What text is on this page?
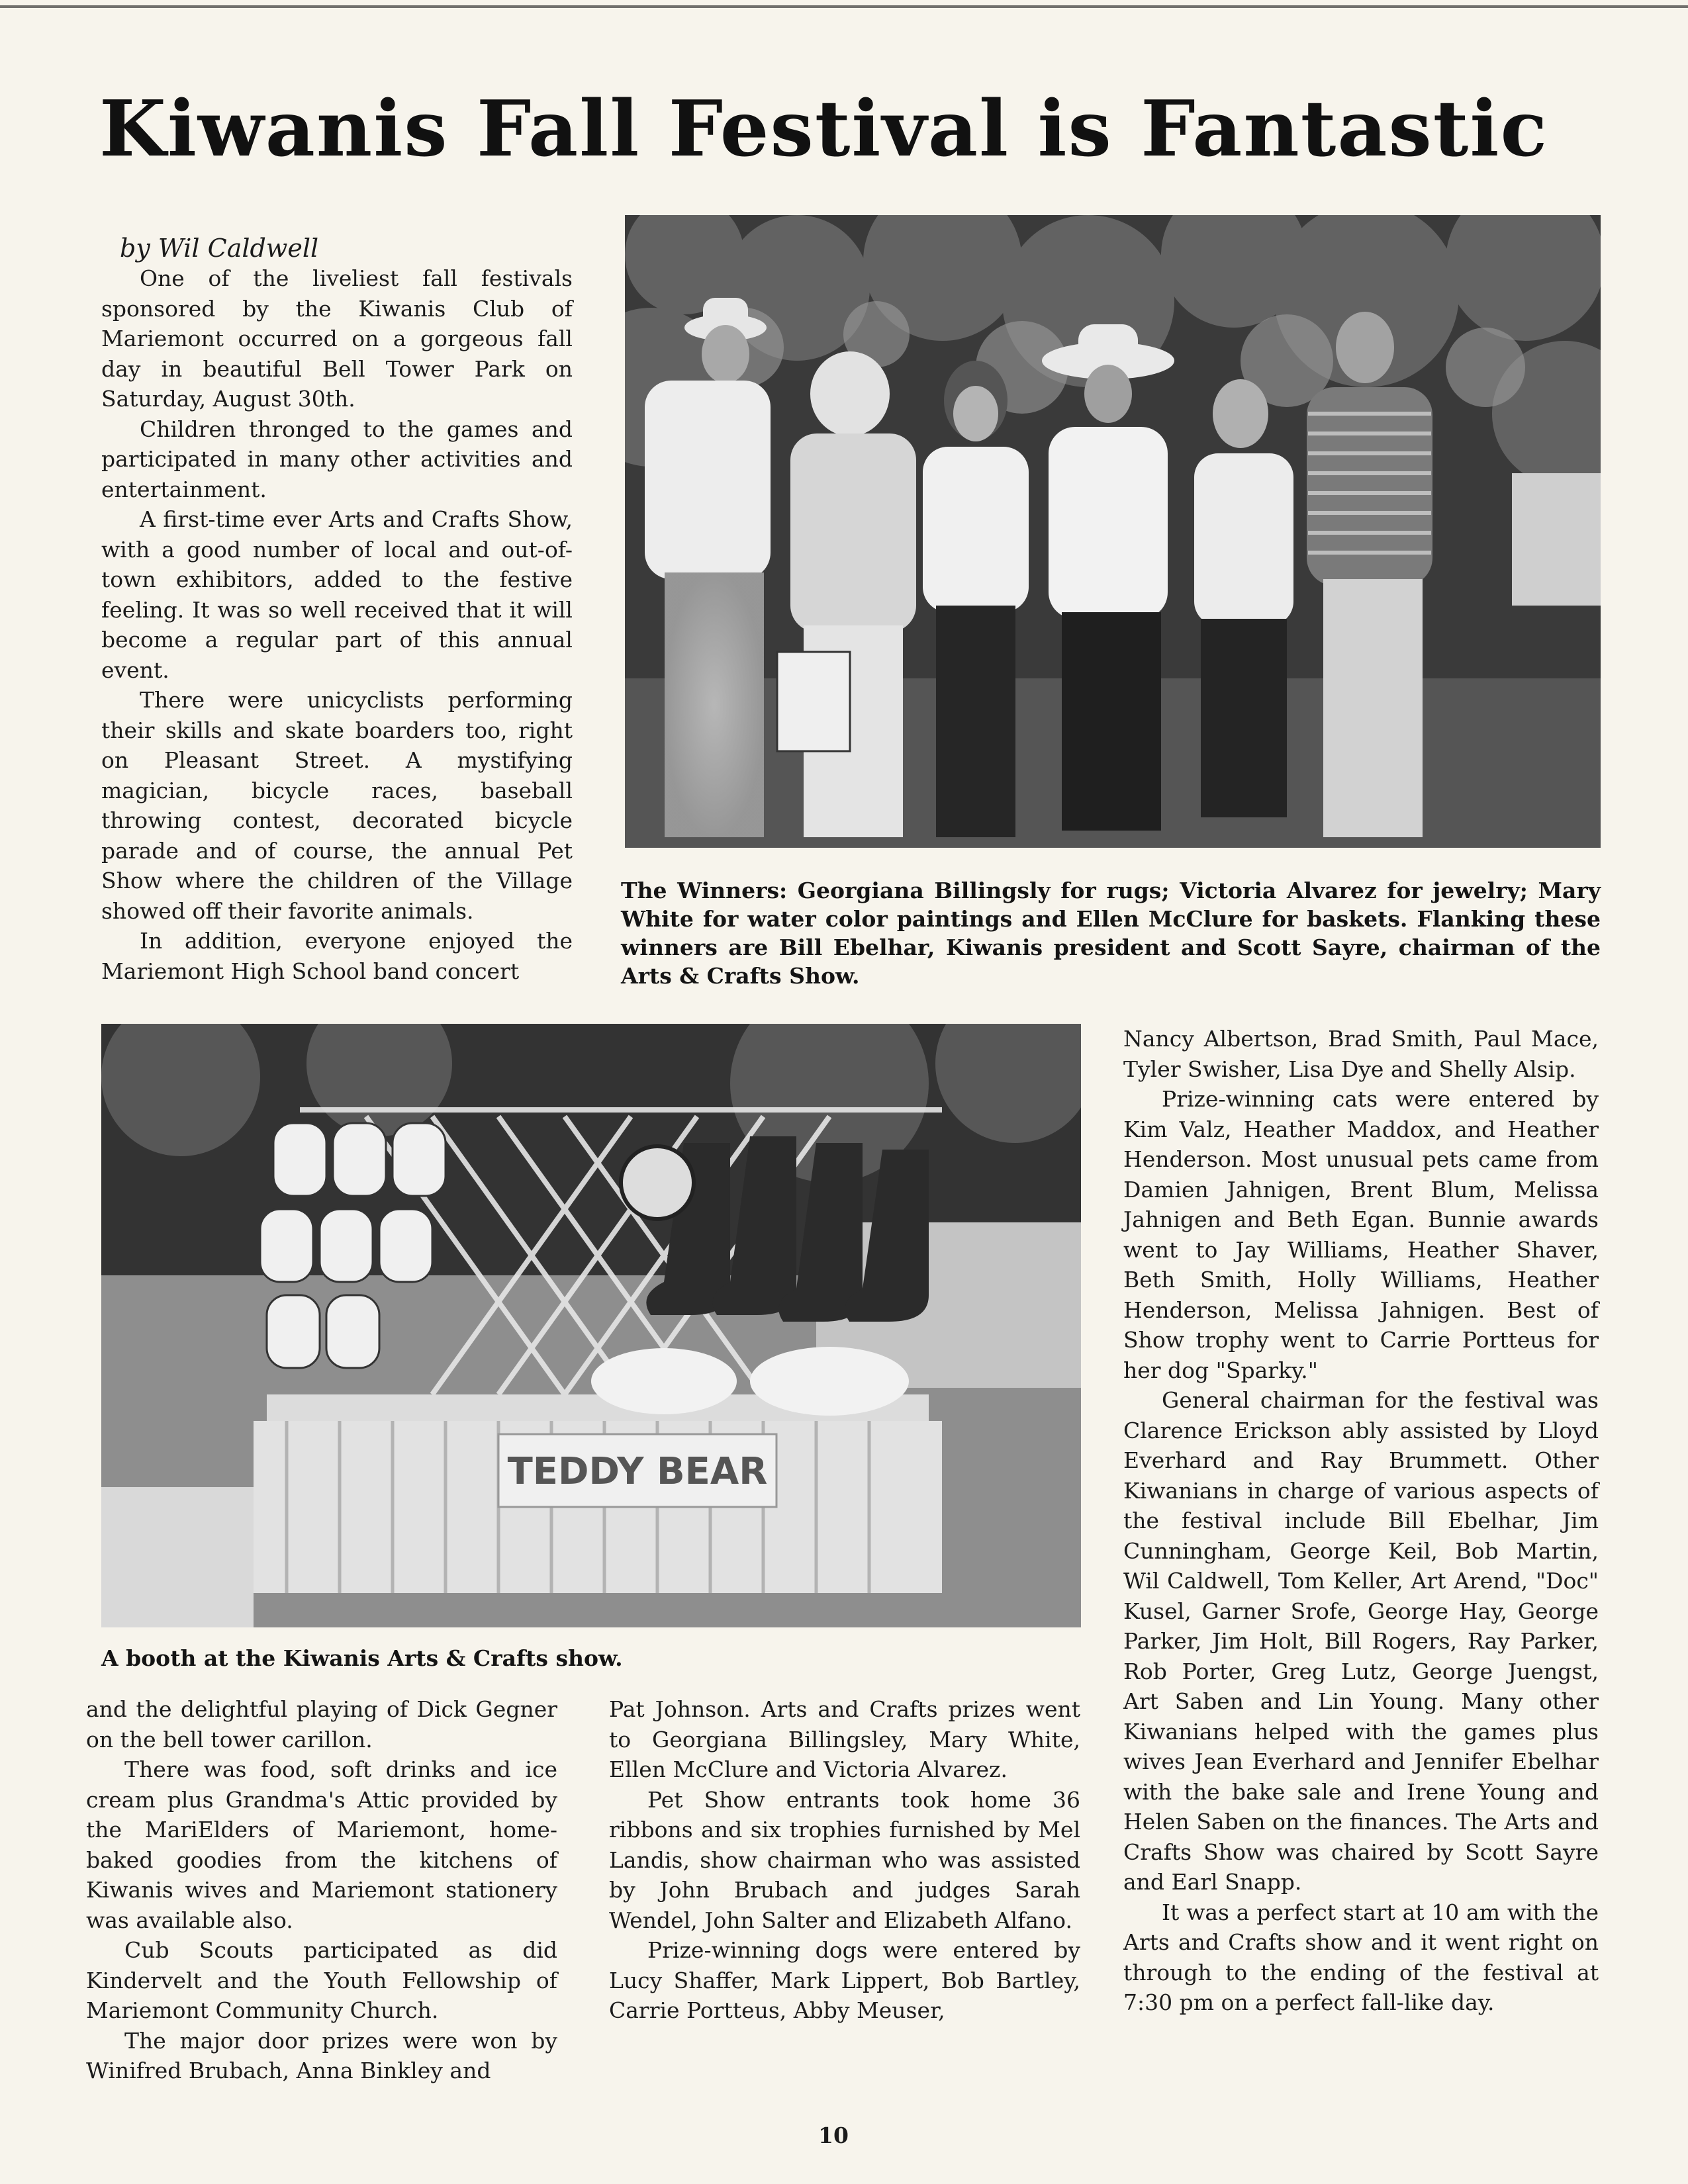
Kiwanis Fall Festival is Fantastic

by Wil Caldwell

One of the liveliest fall festivals sponsored by the Kiwanis Club of Mariemont occurred on a gorgeous fall day in beautiful Bell Tower Park on Saturday, August 30th.

Children thronged to the games and participated in many other activities and entertainment.

A first-time ever Arts and Crafts Show, with a good number of local and out-of-town exhibitors, added to the festive feeling. It was so well received that it will become a regular part of this annual event.

There were unicyclists performing their skills and skate boarders too, right on Pleasant Street. A mystifying magician, bicycle races, baseball throwing contest, decorated bicycle parade and of course, the annual Pet Show where the children of the Village showed off their favorite animals.

In addition, everyone enjoyed the Mariemont High School band concert

The Winners: Georgiana Billingsly for rugs; Victoria Alvarez for jewelry; Mary White for water color paintings and Ellen McClure for baskets. Flanking these winners are Bill Ebelhar, Kiwanis president and Scott Sayre, chairman of the Arts & Crafts Show.
TEDDY BEAR
A booth at the Kiwanis Arts & Crafts show.

and the delightful playing of Dick Gegner on the bell tower carillon.

There was food, soft drinks and ice cream plus Grandma's Attic provided by the MariElders of Mariemont, home-baked goodies from the kitchens of Kiwanis wives and Mariemont stationery was available also.

Cub Scouts participated as did Kindervelt and the Youth Fellowship of Mariemont Community Church.

The major door prizes were won by Winifred Brubach, Anna Binkley and

Pat Johnson. Arts and Crafts prizes went to Georgiana Billingsley, Mary White, Ellen McClure and Victoria Alvarez.

Pet Show entrants took home 36 ribbons and six trophies furnished by Mel Landis, show chairman who was assisted by John Brubach and judges Sarah Wendel, John Salter and Elizabeth Alfano.

Prize-winning dogs were entered by Lucy Shaffer, Mark Lippert, Bob Bartley, Carrie Portteus, Abby Meuser,

Nancy Albertson, Brad Smith, Paul Mace, Tyler Swisher, Lisa Dye and Shelly Alsip.

Prize-winning cats were entered by Kim Valz, Heather Maddox, and Heather Henderson. Most unusual pets came from Damien Jahnigen, Brent Blum, Melissa Jahnigen and Beth Egan. Bunnie awards went to Jay Williams, Heather Shaver, Beth Smith, Holly Williams, Heather Henderson, Melissa Jahnigen. Best of Show trophy went to Carrie Portteus for her dog "Sparky."

General chairman for the festival was Clarence Erickson ably assisted by Lloyd Everhard and Ray Brummett. Other Kiwanians in charge of various aspects of the festival include Bill Ebelhar, Jim Cunningham, George Keil, Bob Martin, Wil Caldwell, Tom Keller, Art Arend, "Doc" Kusel, Garner Srofe, George Hay, George Parker, Jim Holt, Bill Rogers, Ray Parker, Rob Porter, Greg Lutz, George Juengst, Art Saben and Lin Young. Many other Kiwanians helped with the games plus wives Jean Everhard and Jennifer Ebelhar with the bake sale and Irene Young and Helen Saben on the finances. The Arts and Crafts Show was chaired by Scott Sayre and Earl Snapp.

It was a perfect start at 10 am with the Arts and Crafts show and it went right on through to the ending of the festival at 7:30 pm on a perfect fall-like day.

10
